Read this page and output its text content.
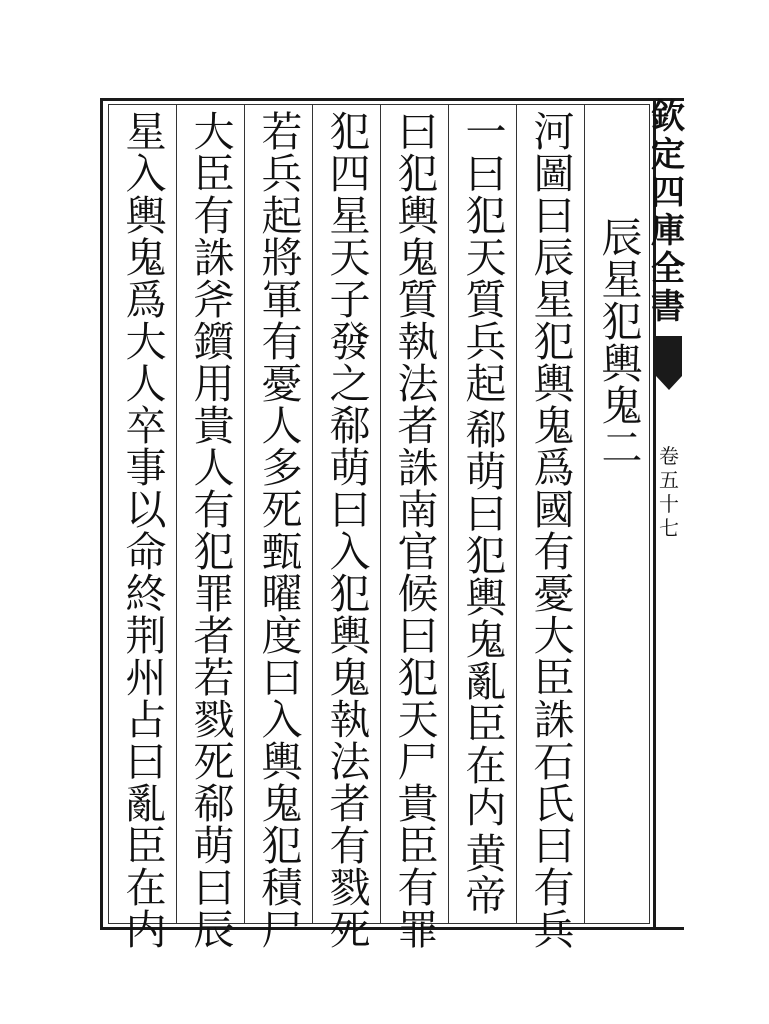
欽
定
四
庫
全
書
卷
五
十
七
辰
星
犯
輿
鬼
二
河
圖
曰
辰
星
犯
輿
鬼
爲
國
有
憂
大
臣
誅
石
氏
曰
有
兵
一
曰
犯
天
質
兵
起
郗
萌
曰
犯
輿
鬼
亂
臣
在
内
黄
帝
曰
犯
輿
鬼
質
執
法
者
誅
南
官
候
曰
犯
天
尸
貴
臣
有
罪
犯
四
星
天
子
發
之
郗
萌
曰
入
犯
輿
鬼
執
法
者
有
戮
死
若
兵
起
將
軍
有
憂
人
多
死
甄
曜
度
曰
入
輿
鬼
犯
積
尸
大
臣
有
誅
斧
鑕
用
貴
人
有
犯
罪
者
若
戮
死
郗
萌
曰
辰
星
入
輿
鬼
爲
大
人
卒
事
以
命
終
荆
州
占
曰
亂
臣
在
内
